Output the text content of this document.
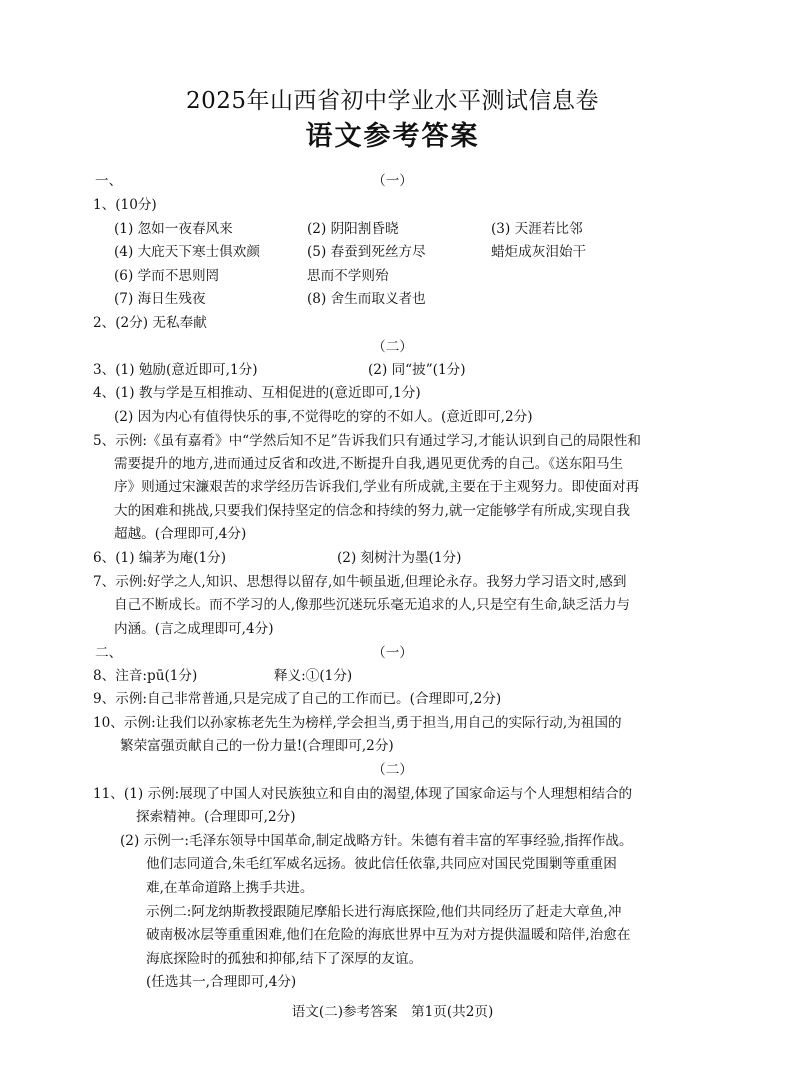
2025年山西省初中学业水平测试信息卷
语文参考答案
一、	（一）
1、(10分)
(1) 忽如一夜春风来	(2) 阴阳割昏晓	(3) 天涯若比邻
(4) 大庇天下寒士俱欢颜	(5) 春蚕到死丝方尽	蜡炬成灰泪始干
(6) 学而不思则罔	思而不学则殆
(7) 海日生残夜	(8) 舍生而取义者也
2、(2分) 无私奉献
（二）
3、(1) 勉励(意近即可,1分)	(2) 同“披”(1分)
4、(1) 教与学是互相推动、互相促进的(意近即可,1分)
(2) 因为内心有值得快乐的事,不觉得吃的穿的不如人。(意近即可,2分)
5、示例:《虽有嘉肴》中“学然后知不足”告诉我们只有通过学习,才能认识到自己的局限性和
需要提升的地方,进而通过反省和改进,不断提升自我,遇见更优秀的自己。《送东阳马生
序》则通过宋濂艰苦的求学经历告诉我们,学业有所成就,主要在于主观努力。即使面对再
大的困难和挑战,只要我们保持坚定的信念和持续的努力,就一定能够学有所成,实现自我
超越。(合理即可,4分)
6、(1) 编茅为庵(1分)	(2) 刻树汁为墨(1分)
7、示例:好学之人,知识、思想得以留存,如牛顿虽逝,但理论永存。我努力学习语文时,感到
自己不断成长。而不学习的人,像那些沉迷玩乐毫无追求的人,只是空有生命,缺乏活力与
内涵。(言之成理即可,4分)
二、	（一）
8、注音:pū(1分)	释义:①(1分)
9、示例:自己非常普通,只是完成了自己的工作而已。(合理即可,2分)
10、示例:让我们以孙家栋老先生为榜样,学会担当,勇于担当,用自己的实际行动,为祖国的
繁荣富强贡献自己的一份力量!(合理即可,2分)
（二）
11、(1) 示例:展现了中国人对民族独立和自由的渴望,体现了国家命运与个人理想相结合的
探索精神。(合理即可,2分)
(2) 示例一:毛泽东领导中国革命,制定战略方针。朱德有着丰富的军事经验,指挥作战。
他们志同道合,朱毛红军威名远扬。彼此信任依靠,共同应对国民党围剿等重重困
难,在革命道路上携手共进。
示例二:阿龙纳斯教授跟随尼摩船长进行海底探险,他们共同经历了赶走大章鱼,冲
破南极冰层等重重困难,他们在危险的海底世界中互为对方提供温暖和陪伴,治愈在
海底探险时的孤独和抑郁,结下了深厚的友谊。
(任选其一,合理即可,4分)
语文(二)参考答案　第1页(共2页)
